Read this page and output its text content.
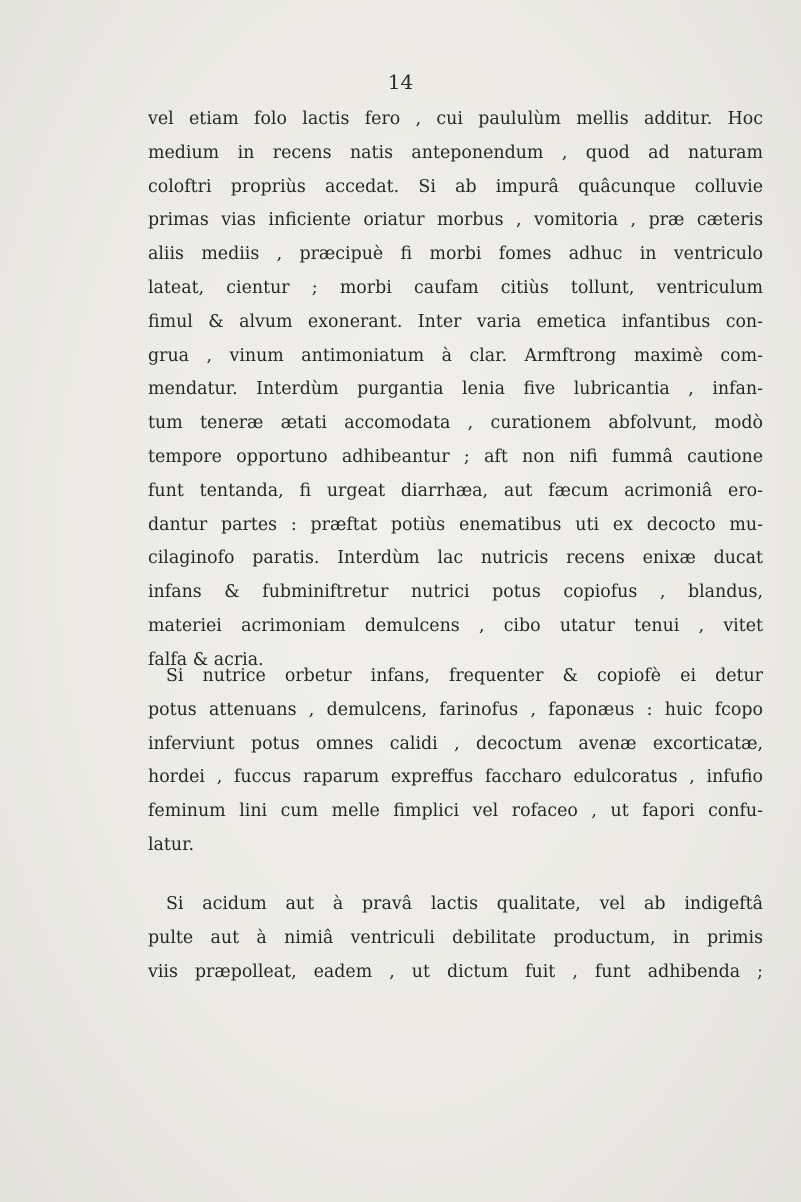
14
vel etiam folo lactis fero , cui paululùm mellis additur. Hoc
medium in recens natis anteponendum , quod ad naturam
coloftri propriùs accedat. Si ab impurâ quâcunque colluvie
primas vias inficiente oriatur morbus , vomitoria , præ cæteris
aliis mediis , præcipuè fi morbi fomes adhuc in ventriculo
lateat, cientur ; morbi caufam citiùs tollunt, ventriculum
fimul & alvum exonerant. Inter varia emetica infantibus con-
grua , vinum antimoniatum à clar. Armftrong maximè com-
mendatur. Interdùm purgantia lenia five lubricantia , infan-
tum teneræ ætati accomodata , curationem abfolvunt, modò
tempore opportuno adhibeantur ; aft non nifi fummâ cautione
funt tentanda, fi urgeat diarrhæa, aut fæcum acrimoniâ ero-
dantur partes : præftat potiùs enematibus uti ex decocto mu-
cilaginofo paratis. Interdùm lac nutricis recens enixæ ducat
infans & fubminiftretur nutrici potus copiofus , blandus,
materiei acrimoniam demulcens , cibo utatur tenui , vitet
falfa & acria.
Si nutrice orbetur infans, frequenter & copiofè ei detur
potus attenuans , demulcens, farinofus , faponæus : huic fcopo
inferviunt potus omnes calidi , decoctum avenæ excorticatæ,
hordei , fuccus raparum expreffus faccharo edulcoratus , infufio
feminum lini cum melle fimplici vel rofaceo , ut fapori confu-
latur.
Si acidum aut à pravâ lactis qualitate, vel ab indigeftâ
pulte aut à nimiâ ventriculi debilitate productum, in primis
viis præpolleat, eadem , ut dictum fuit , funt adhibenda ;
